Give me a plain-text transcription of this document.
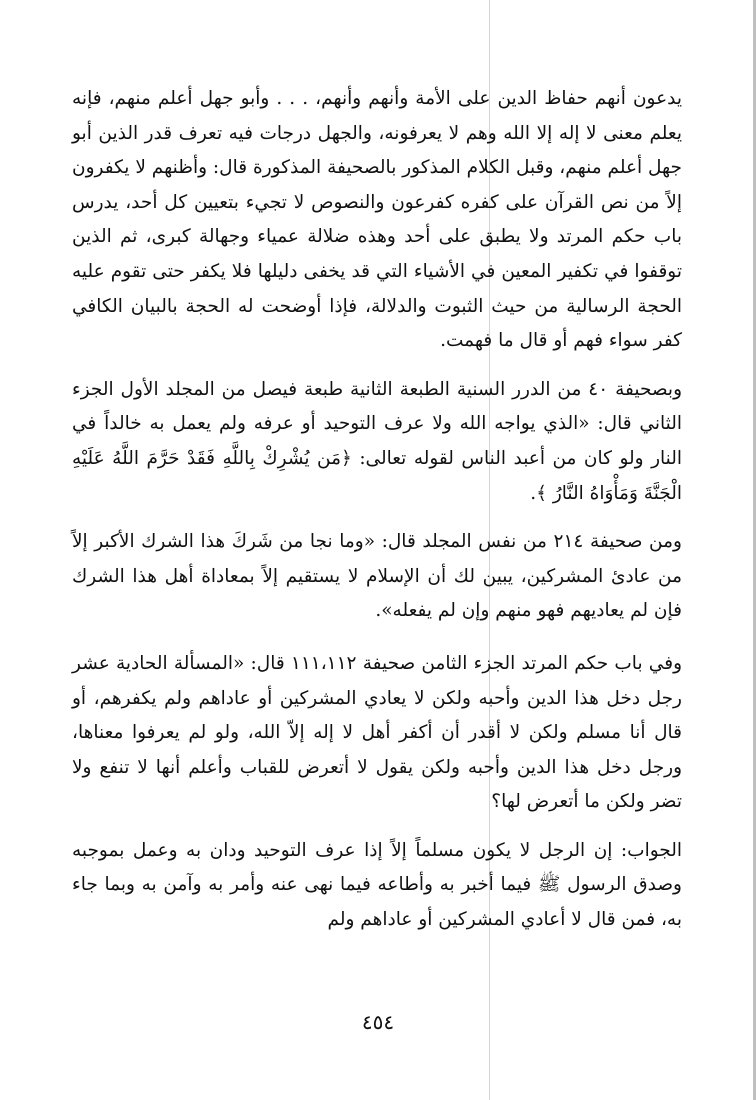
يدعون أنهم حفاظ الدين على الأمة وأنهم وأنهم، . . . وأبو جهل أعلم منهم، فإنه يعلم معنى لا إله إلا الله وهم لا يعرفونه، والجهل درجات فيه تعرف قدر الذين أبو جهل أعلم منهم، وقبل الكلام المذكور بالصحيفة المذكورة قال: وأظنهم لا يكفرون إلاً من نص القرآن على كفره كفرعون والنصوص لا تجيء بتعيين كل أحد، يدرس باب حكم المرتد ولا يطبق على أحد وهذه ضلالة عمياء وجهالة كبرى، ثم الذين توقفوا في تكفير المعين في الأشياء التي قد يخفى دليلها فلا يكفر حتى تقوم عليه الحجة الرسالية من حيث الثبوت والدلالة، فإذا أوضحت له الحجة بالبيان الكافي كفر سواء فهم أو قال ما فهمت.

وبصحيفة ٤٠ من الدرر السنية الطبعة الثانية طبعة فيصل من المجلد الأول الجزء الثاني قال: «الذي يواجه الله ولا عرف التوحيد أو عرفه ولم يعمل به خالداً في النار ولو كان من أعبد الناس لقوله تعالى: ﴿مَن يُشْرِكْ بِاللَّهِ فَقَدْ حَرَّمَ اللَّهُ عَلَيْهِ الْجَنَّةَ وَمَأْوَاهُ النَّارُ ﴾.

ومن صحيفة ٢١٤ من نفس المجلد قال: «وما نجا من شَركَ هذا الشرك الأكبر إلاً من عادئ المشركين، يبين لك أن الإسلام لا يستقيم إلاً بمعاداة أهل هذا الشرك فإن لم يعاديهم فهو منهم وإن لم يفعله».

وفي باب حكم المرتد الجزء الثامن صحيفة ١١١،١١٢ قال: «المسألة الحادية عشر رجل دخل هذا الدين وأحبه ولكن لا يعادي المشركين أو عاداهم ولم يكفرهم، أو قال أنا مسلم ولكن لا أقدر أن أكفر أهل لا إله إلاّ الله، ولو لم يعرفوا معناها، ورجل دخل هذا الدين وأحبه ولكن يقول لا أتعرض للقباب وأعلم أنها لا تنفع ولا تضر ولكن ما أتعرض لها؟

الجواب: إن الرجل لا يكون مسلماً إلاً إذا عرف التوحيد ودان به وعمل بموجبه وصدق الرسول ﷺ فيما أخبر به وأطاعه فيما نهى عنه وأمر به وآمن به وبما جاء به، فمن قال لا أعادي المشركين أو عاداهم ولم

٤٥٤
